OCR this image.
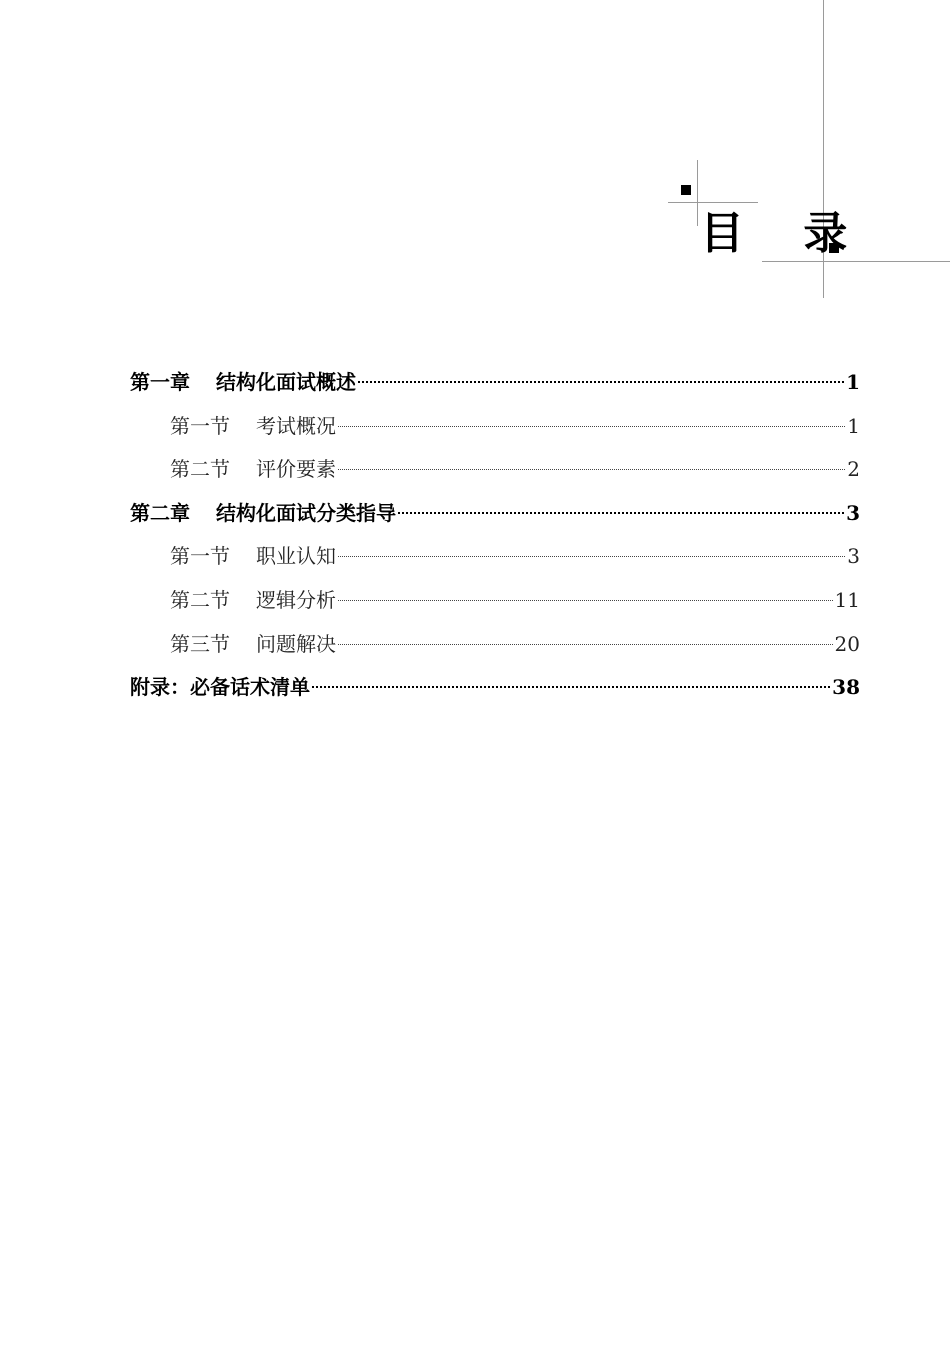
目 录
第一章 结构化面试概述	1
第一节 考试概况	1
第二节 评价要素	2
第二章 结构化面试分类指导	3
第一节 职业认知	3
第二节 逻辑分析	11
第三节 问题解决	20
附录：必备话术清单	38
